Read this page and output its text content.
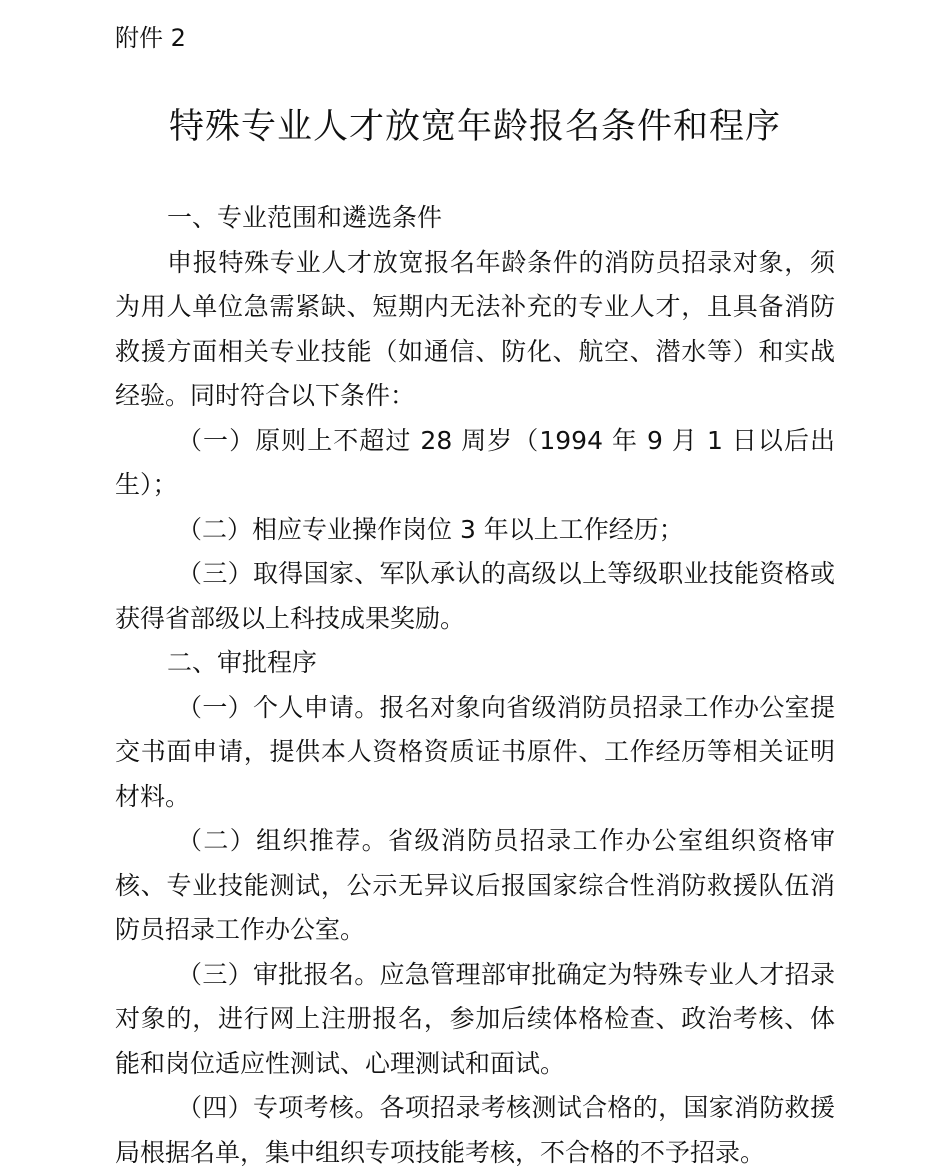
附件 2
特殊专业人才放宽年龄报名条件和程序

一、专业范围和遴选条件

申报特殊专业人才放宽报名年龄条件的消防员招录对象，须为用人单位急需紧缺、短期内无法补充的专业人才，且具备消防救援方面相关专业技能（如通信、防化、航空、潜水等）和实战经验。同时符合以下条件：

（一）原则上不超过 28 周岁（1994 年 9 月 1 日以后出生）；

（二）相应专业操作岗位 3 年以上工作经历；

（三）取得国家、军队承认的高级以上等级职业技能资格或获得省部级以上科技成果奖励。

二、审批程序

（一）个人申请。报名对象向省级消防员招录工作办公室提交书面申请，提供本人资格资质证书原件、工作经历等相关证明材料。

（二）组织推荐。省级消防员招录工作办公室组织资格审核、专业技能测试，公示无异议后报国家综合性消防救援队伍消防员招录工作办公室。

（三）审批报名。应急管理部审批确定为特殊专业人才招录对象的，进行网上注册报名，参加后续体格检查、政治考核、体能和岗位适应性测试、心理测试和面试。

（四）专项考核。各项招录考核测试合格的，国家消防救援局根据名单，集中组织专项技能考核，不合格的不予招录。
